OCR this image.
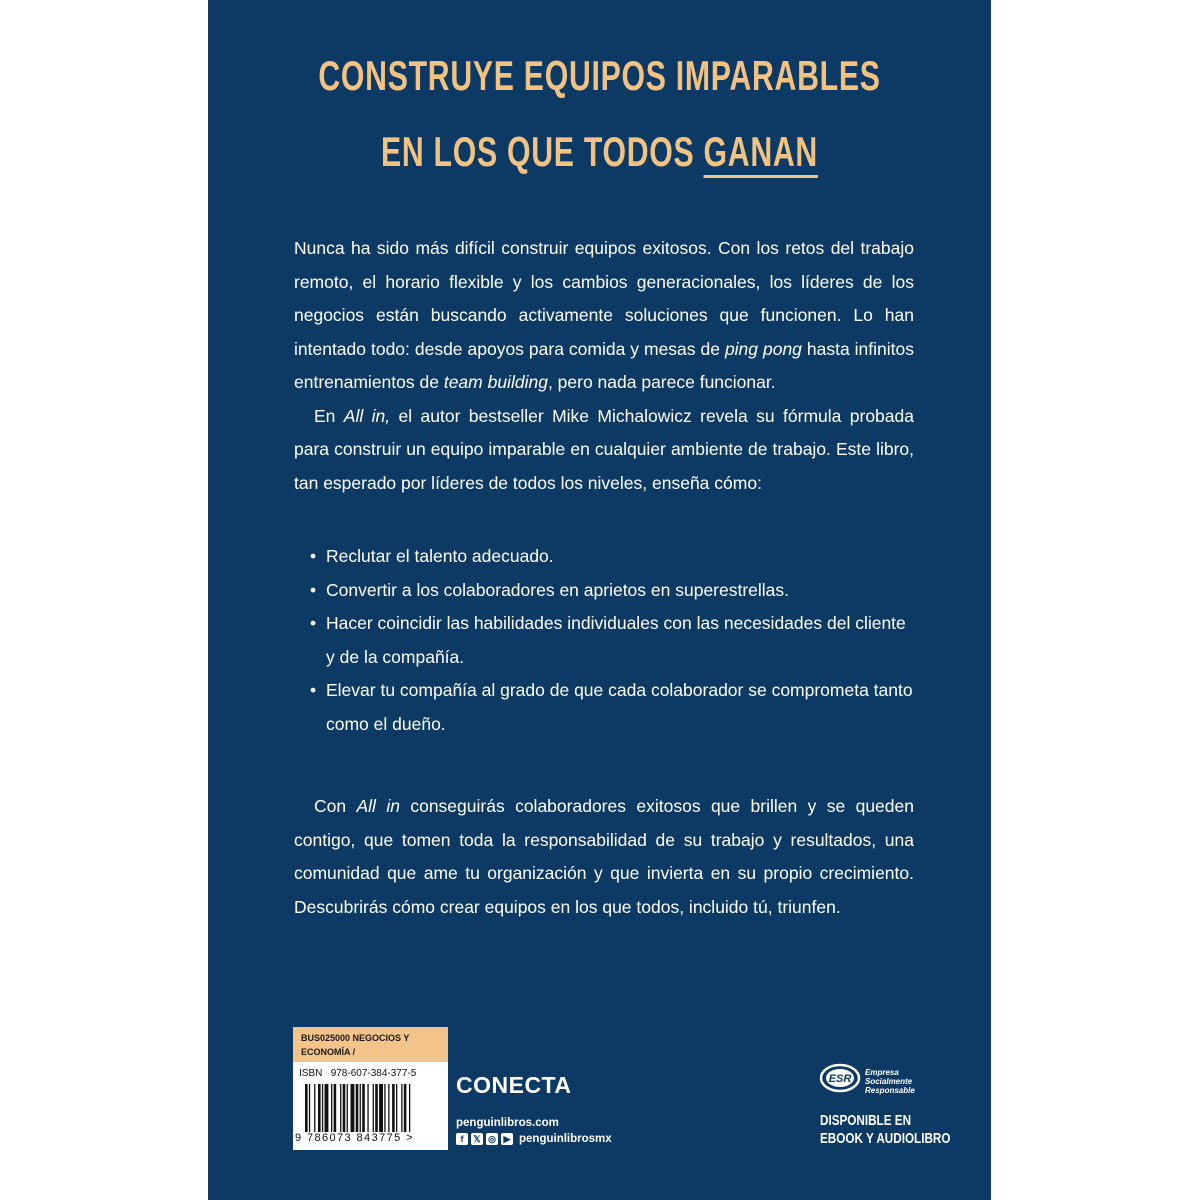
CONSTRUYE EQUIPOS IMPARABLES
EN LOS QUE TODOS GANAN

Nunca ha sido más difícil construir equipos exitosos. Con los retos del trabajo remoto, el horario flexible y los cambios generacionales, los líderes de los negocios están buscando activamente soluciones que funcionen. Lo han intentado todo: desde apoyos para comida y mesas de ping pong hasta infinitos entrenamientos de team building, pero nada parece funcionar.

En All in, el autor bestseller Mike Michalowicz revela su fórmula probada para construir un equipo imparable en cualquier ambiente de trabajo. Este libro, tan esperado por líderes de todos los niveles, enseña cómo:

• Reclutar el talento adecuado.

• Convertir a los colaboradores en aprietos en superestrellas.

• Hacer coincidir las habilidades individuales con las necesidades del cliente y de la compañía.

• Elevar tu compañía al grado de que cada colaborador se comprometa tanto como el dueño.

Con All in conseguirás colaboradores exitosos que brillen y se queden contigo, que tomen toda la responsabilidad de su trabajo y resultados, una comunidad que ame tu organización y que invierta en su propio crecimiento. Descubrirás cómo crear equipos en los que todos, incluido tú, triunfen.

BUS025000 NEGOCIOS Y ECONOMÍA /
ISBN 978-607-384-377-5
9 786073 843775 >
CONECTA
penguinlibros.com
f	𝕏 ◎ ▶ penguinlibrosmx
ESR
Empresa
Socialmente
Responsable
DISPONIBLE EN
EBOOK Y AUDIOLIBRO
